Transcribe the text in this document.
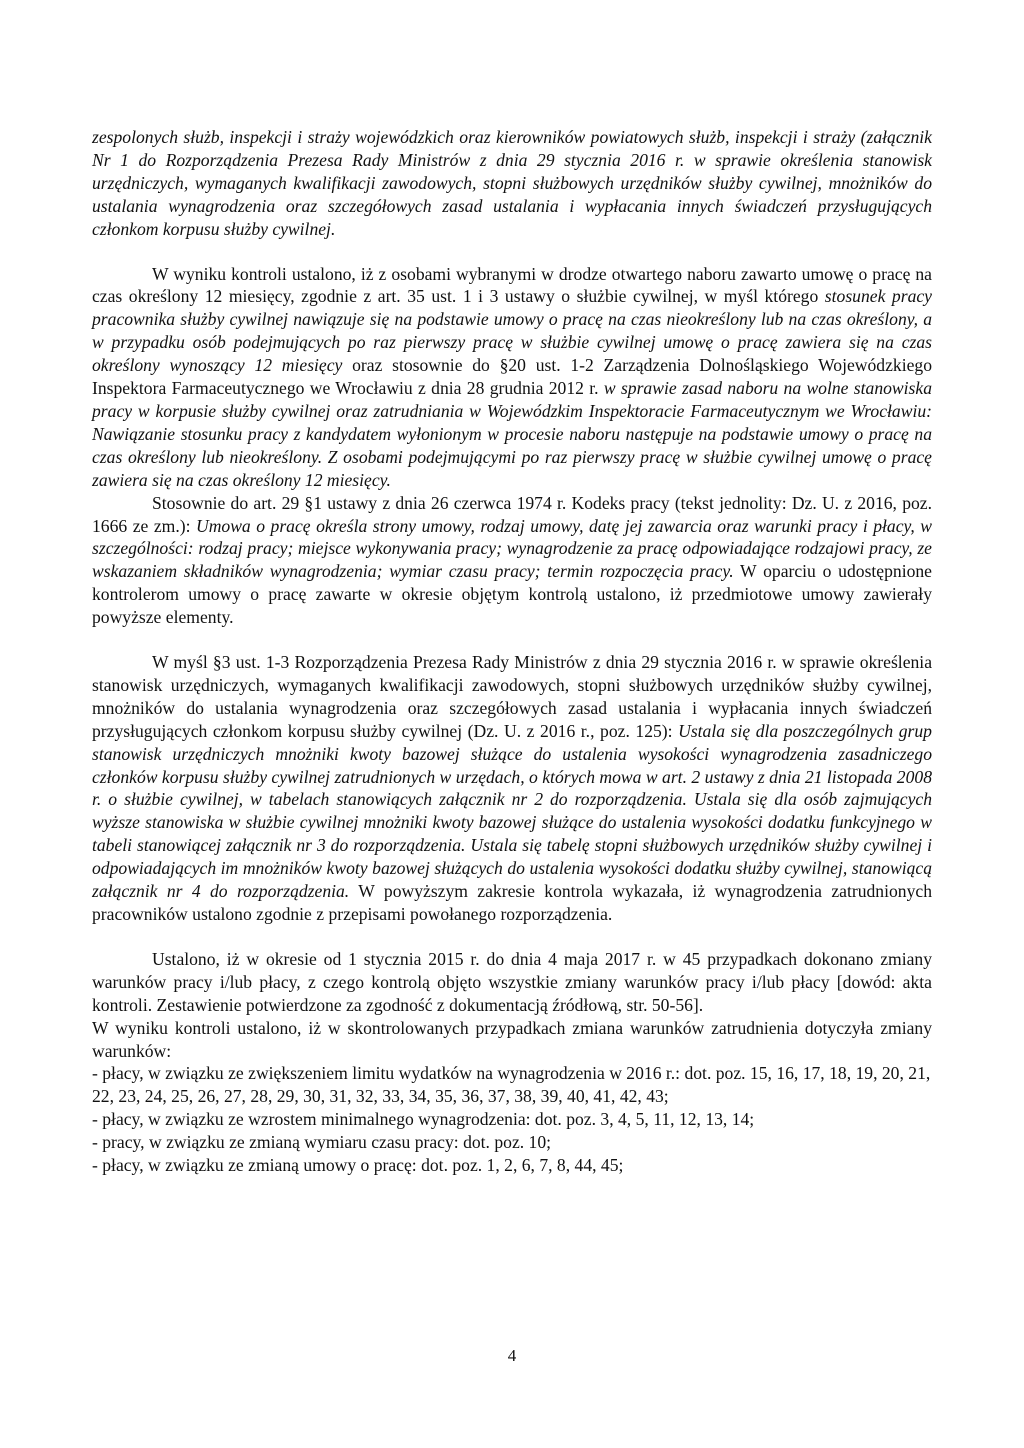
zespolonych służb, inspekcji i straży wojewódzkich oraz kierowników powiatowych służb, inspekcji i straży (załącznik Nr 1 do Rozporządzenia Prezesa Rady Ministrów z dnia 29 stycznia 2016 r. w sprawie określenia stanowisk urzędniczych, wymaganych kwalifikacji zawodowych, stopni służbowych urzędników służby cywilnej, mnożników do ustalania wynagrodzenia oraz szczegółowych zasad ustalania i wypłacania innych świadczeń przysługujących członkom korpusu służby cywilnej.

W wyniku kontroli ustalono, iż z osobami wybranymi w drodze otwartego naboru zawarto umowę o pracę na czas określony 12 miesięcy, zgodnie z art. 35 ust. 1 i 3 ustawy o służbie cywilnej, w myśl którego stosunek pracy pracownika służby cywilnej nawiązuje się na podstawie umowy o pracę na czas nieokreślony lub na czas określony, a w przypadku osób podejmujących po raz pierwszy pracę w służbie cywilnej umowę o pracę zawiera się na czas określony wynoszący 12 miesięcy oraz stosownie do §20 ust. 1-2 Zarządzenia Dolnośląskiego Wojewódzkiego Inspektora Farmaceutycznego we Wrocławiu z dnia 28 grudnia 2012 r. w sprawie zasad naboru na wolne stanowiska pracy w korpusie służby cywilnej oraz zatrudniania w Wojewódzkim Inspektoracie Farmaceutycznym we Wrocławiu: Nawiązanie stosunku pracy z kandydatem wyłonionym w procesie naboru następuje na podstawie umowy o pracę na czas określony lub nieokreślony. Z osobami podejmującymi po raz pierwszy pracę w służbie cywilnej umowę o pracę zawiera się na czas określony 12 miesięcy.

Stosownie do art. 29 §1 ustawy z dnia 26 czerwca 1974 r. Kodeks pracy (tekst jednolity: Dz. U. z 2016, poz. 1666 ze zm.): Umowa o pracę określa strony umowy, rodzaj umowy, datę jej zawarcia oraz warunki pracy i płacy, w szczególności: rodzaj pracy; miejsce wykonywania pracy; wynagrodzenie za pracę odpowiadające rodzajowi pracy, ze wskazaniem składników wynagrodzenia; wymiar czasu pracy; termin rozpoczęcia pracy. W oparciu o udostępnione kontrolerom umowy o pracę zawarte w okresie objętym kontrolą ustalono, iż przedmiotowe umowy zawierały powyższe elementy.

W myśl §3 ust. 1-3 Rozporządzenia Prezesa Rady Ministrów z dnia 29 stycznia 2016 r. w sprawie określenia stanowisk urzędniczych, wymaganych kwalifikacji zawodowych, stopni służbowych urzędników służby cywilnej, mnożników do ustalania wynagrodzenia oraz szczegółowych zasad ustalania i wypłacania innych świadczeń przysługujących członkom korpusu służby cywilnej (Dz. U. z 2016 r., poz. 125): Ustala się dla poszczególnych grup stanowisk urzędniczych mnożniki kwoty bazowej służące do ustalenia wysokości wynagrodzenia zasadniczego członków korpusu służby cywilnej zatrudnionych w urzędach, o których mowa w art. 2 ustawy z dnia 21 listopada 2008 r. o służbie cywilnej, w tabelach stanowiących załącznik nr 2 do rozporządzenia. Ustala się dla osób zajmujących wyższe stanowiska w służbie cywilnej mnożniki kwoty bazowej służące do ustalenia wysokości dodatku funkcyjnego w tabeli stanowiącej załącznik nr 3 do rozporządzenia. Ustala się tabelę stopni służbowych urzędników służby cywilnej i odpowiadających im mnożników kwoty bazowej służących do ustalenia wysokości dodatku służby cywilnej, stanowiącą załącznik nr 4 do rozporządzenia. W powyższym zakresie kontrola wykazała, iż wynagrodzenia zatrudnionych pracowników ustalono zgodnie z przepisami powołanego rozporządzenia.

Ustalono, iż w okresie od 1 stycznia 2015 r. do dnia 4 maja 2017 r. w 45 przypadkach dokonano zmiany warunków pracy i/lub płacy, z czego kontrolą objęto wszystkie zmiany warunków pracy i/lub płacy [dowód: akta kontroli. Zestawienie potwierdzone za zgodność z dokumentacją źródłową, str. 50-56].

W wyniku kontroli ustalono, iż w skontrolowanych przypadkach zmiana warunków zatrudnienia dotyczyła zmiany warunków:

- płacy, w związku ze zwiększeniem limitu wydatków na wynagrodzenia w 2016 r.: dot. poz. 15, 16, 17, 18, 19, 20, 21, 22, 23, 24, 25, 26, 27, 28, 29, 30, 31, 32, 33, 34, 35, 36, 37, 38, 39, 40, 41, 42, 43;

- płacy, w związku ze wzrostem minimalnego wynagrodzenia: dot. poz. 3, 4, 5, 11, 12, 13, 14;

- pracy, w związku ze zmianą wymiaru czasu pracy: dot. poz. 10;

- płacy, w związku ze zmianą umowy o pracę: dot. poz. 1, 2, 6, 7, 8, 44, 45;

4
